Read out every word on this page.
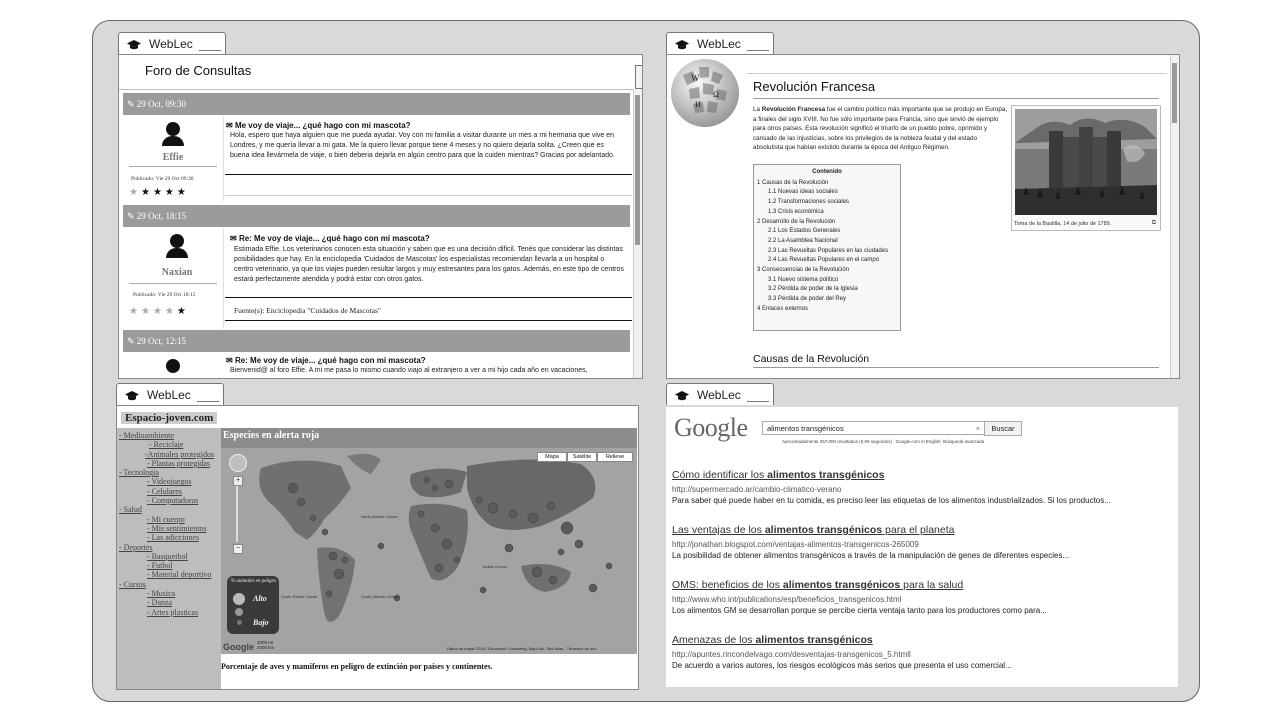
WebLec
Foro de Consultas
✎ 29 Oct, 09:30
Effie
Publicado: Vie 29 Oct 09:30
★★★★★
✉ Me voy de viaje... ¿qué hago con mi mascota?
Hola, espero que haya alguien que me pueda ayudar. Voy con mi familia a visitar durante un mes a mi hermana que vive en Londres, y me quería llevar a mi gata. Me la quiero llevar porque tiene 4 meses y no quiero dejarla solita. ¿Creen que es buena idea llevármela de viaje, o bien deberia dejarla en algún centro para que la cuiden mientras? Gracias por adelantado.
✎ 29 Oct, 18:15
Naxian
Publicado: Vie 29 Oct 18:15
★★★★★
✉ Re: Me voy de viaje... ¿qué hago con mi mascota?
Estimada Effie. Los veterinarios conocen esta situación y saben que es una decisión dificil. Tenés que considerar las distintas posibilidades que hay. En la enciclopedia 'Cuidados de Mascotas' los especialistas recomiendan llevarla a un hospital o centro veterinario, ya que los viajes pueden resultar largos y muy estresantes para los gatos. Además, en este tipo de centros estará perfectamente atendida y podrá estar con otros gatos.
Fuente(s): Enciclopedia "Cuidados de Mascotas"
✎ 29 Oct, 12:15
✉ Re: Me voy de viaje... ¿qué hago con mi mascota?
Bienvenid@ al foro Effie. A mi me pasa lo mismo cuando viajo al extranjero a ver a mi hijo cada año en vacaciones,
WebLec
W
Ω
И
Revolución Francesa
La Revolución Francesa fue el cambio político más importante que se produjo en Europa, a finales del siglo XVIII. No fue sólo importante para Francia, sino que sinvió de ejemplo para otros países. Esta revolución significó el triunfo de un pueblo pobre, oprimido y cansado de las injusticias, sobre los privilegios de la nobleza feudal y del estado absolutista que habían existido durante la época del Antiguo Régimen.
Contenido
1 Causas de la Revolución
1.1 Nuevas ideas sociales
1.2 Transformaciones sociales
1.3 Crisis económica
2 Desarrollo de la Revolución
2.1 Los Estados Generales
2.2 La Asamblea Nacional
2.3 Las Revueltas Populares en las ciudades
2.4 Las Revueltas Populares en el campo
3 Consecuencias de la Revolución
3.1 Nuevo sistema político
3.2 Pérdida de poder de la Iglesia
3.3 Pérdida de poder del Rey
4 Enlaces externos
Toma de la Bastilla, 14 de julio de 1789.	⧉
Causas de la Revolución
WebLec
Espacio-joven.com
- Medioambiente
- Reciclaje
-Animales protegidos
- Plantas protegidas
- Tecnologia
- Videojuegos
- Celulares
- Computadoras
- Salud
- Mi cuerpo
- Mis sentimientos
- Las adicciones
- Deportes
- Basquetbol
- Futbol
- Material deportivo
- Cursos
- Musica
- Danza
- Artes plasticas
Especies en alerta roja
North Atlantic Ocean
South Atlantic Ocean
South Pacific Ocean
Indian Ocean
+
−
Mapa	Satélite	Relieve
% animales en peligro
Alto
Bajo
Google 2000 mi
2000 km	Datos de mapa ©2011 Geocentre Consulting, MapLink, Tele Atlas - Términos de uso
Porcentaje de aves y mamiferos en peligro de extinción por países y continentes.
WebLec
Google	alimentos transgénicos	×	Buscar
Aproximadamente 257.000 resultados (0,09 segundos) Google.com in English Búsqueda avanzada
Cómo identificar los alimentos transgénicos
http://supermercado.ar/cambio-climatico-verano
Para saber qué puede haber en tu comida, es preciso leer las etiquetas de los alimentos industrializados. Si los productos...
Las ventajas de los alimentos transgénicos para el planeta
http://jonathan.blogspot.com/ventajas-alimentos-transgenicos-265009
La posibilidad de obtener alimentos transgénicos a través de la manipulación de genes de diferentes especies...
OMS: beneficios de los alimentos transgénicos para la salud
http://www.who.int/publications/esp/beneficios_transgenicos.html
Los alimentos GM se desarrollan porque se percibe cierta ventaja tanto para los productores como para...
Amenazas de los alimentos transgénicos
http://apuntes.rincondelvago.com/desventajas-transgenicos_5.htmll
De acuerdo a varios autores, los riesgos ecológicos más serios que presenta el uso comercial...
